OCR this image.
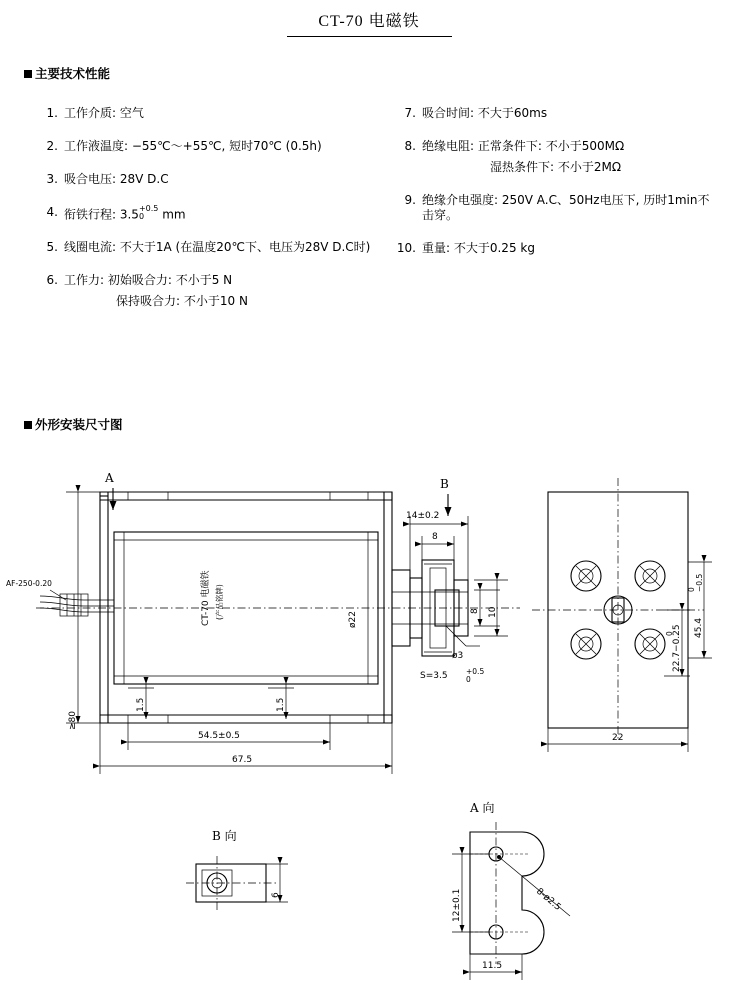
CT-70 电磁铁
主要技术性能
1. 工作介质: 空气
2. 工作液温度: −55℃～+55℃, 短时70℃ (0.5h)
3. 吸合电压: 28V D.C
4. 衔铁行程: 3.5 +0.5
0	mm
5. 线圈电流: 不大于1A (在温度20℃下、电压为28V D.C时)
6. 工作力: 初始吸合力: 不小于5 N
保持吸合力: 不小于10 N
7. 吸合时间: 不大于60ms
8. 绝缘电阻: 正常条件下: 不小于500MΩ
湿热条件下: 不小于2MΩ
9. 绝缘介电强度: 250V A.C、50Hz电压下, 历时1min不击穿。
10. 重量: 不大于0.25 kg
外形安装尺寸图
A	B
AF-250-0.20	CT-70 电磁铁 (产品铭牌)	ø22
14±0.2
8
8 10
ø3
S=3.5 +0.5
0
1.5	1.5
≥80
54.5±0.5
67.5
45.4
0 −0.5
22.7−0.25
0
22
B 向
6
A 向
12±0.1
11.5
8-ø2.5
